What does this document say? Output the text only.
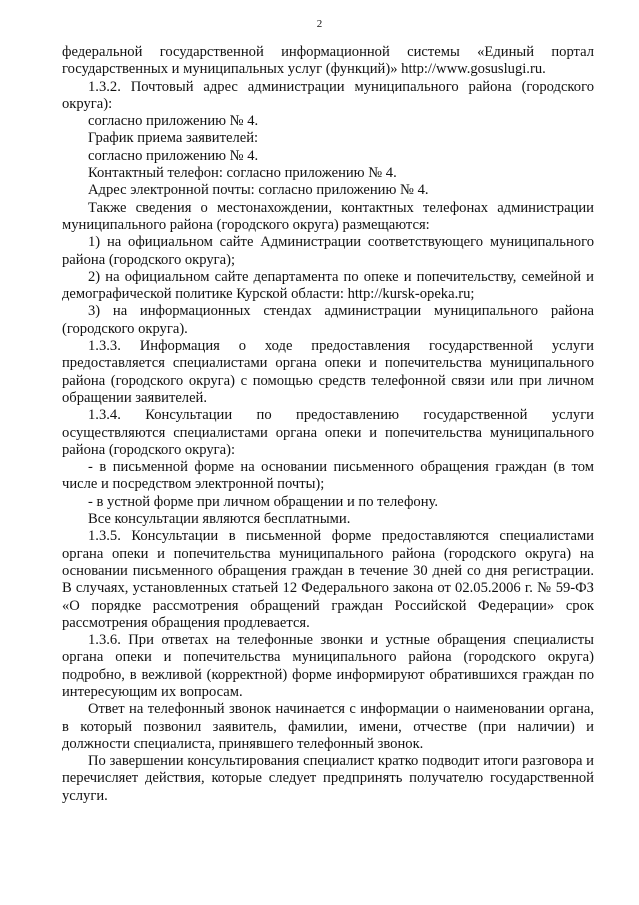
2

федеральной государственной информационной системы «Единый портал государственных и муниципальных услуг (функций)» http://www.gosuslugi.ru.

1.3.2. Почтовый адрес администрации муниципального района (городского округа):

согласно приложению № 4.

График приема заявителей:

согласно приложению № 4.

Контактный телефон: согласно приложению № 4.

Адрес электронной почты: согласно приложению № 4.

Также сведения о местонахождении, контактных телефонах администрации муниципального района (городского округа) размещаются:

1) на официальном сайте Администрации соответствующего муниципального района (городского округа);

2) на официальном сайте департамента по опеке и попечительству, семейной и демографической политике Курской области: http://kursk-opeka.ru;

3) на информационных стендах администрации муниципального района (городского округа).

1.3.3. Информация о ходе предоставления государственной услуги предоставляется специалистами органа опеки и попечительства муниципального района (городского округа) с помощью средств телефонной связи или при личном обращении заявителей.

1.3.4. Консультации по предоставлению государственной услуги осуществляются специалистами органа опеки и попечительства муниципального района (городского округа):

- в письменной форме на основании письменного обращения граждан (в том числе и посредством электронной почты);

- в устной форме при личном обращении и по телефону.

Все консультации являются бесплатными.

1.3.5. Консультации в письменной форме предоставляются специалистами органа опеки и попечительства муниципального района (городского округа) на основании письменного обращения граждан в течение 30 дней со дня регистрации. В случаях, установленных статьей 12 Федерального закона от 02.05.2006 г. № 59-ФЗ «О порядке рассмотрения обращений граждан Российской Федерации» срок рассмотрения обращения продлевается.

1.3.6. При ответах на телефонные звонки и устные обращения специалисты органа опеки и попечительства муниципального района (городского округа) подробно, в вежливой (корректной) форме информируют обратившихся граждан по интересующим их вопросам.

Ответ на телефонный звонок начинается с информации о наименовании органа, в который позвонил заявитель, фамилии, имени, отчестве (при наличии) и должности специалиста, принявшего телефонный звонок.

По завершении консультирования специалист кратко подводит итоги разговора и перечисляет действия, которые следует предпринять получателю государственной услуги.
